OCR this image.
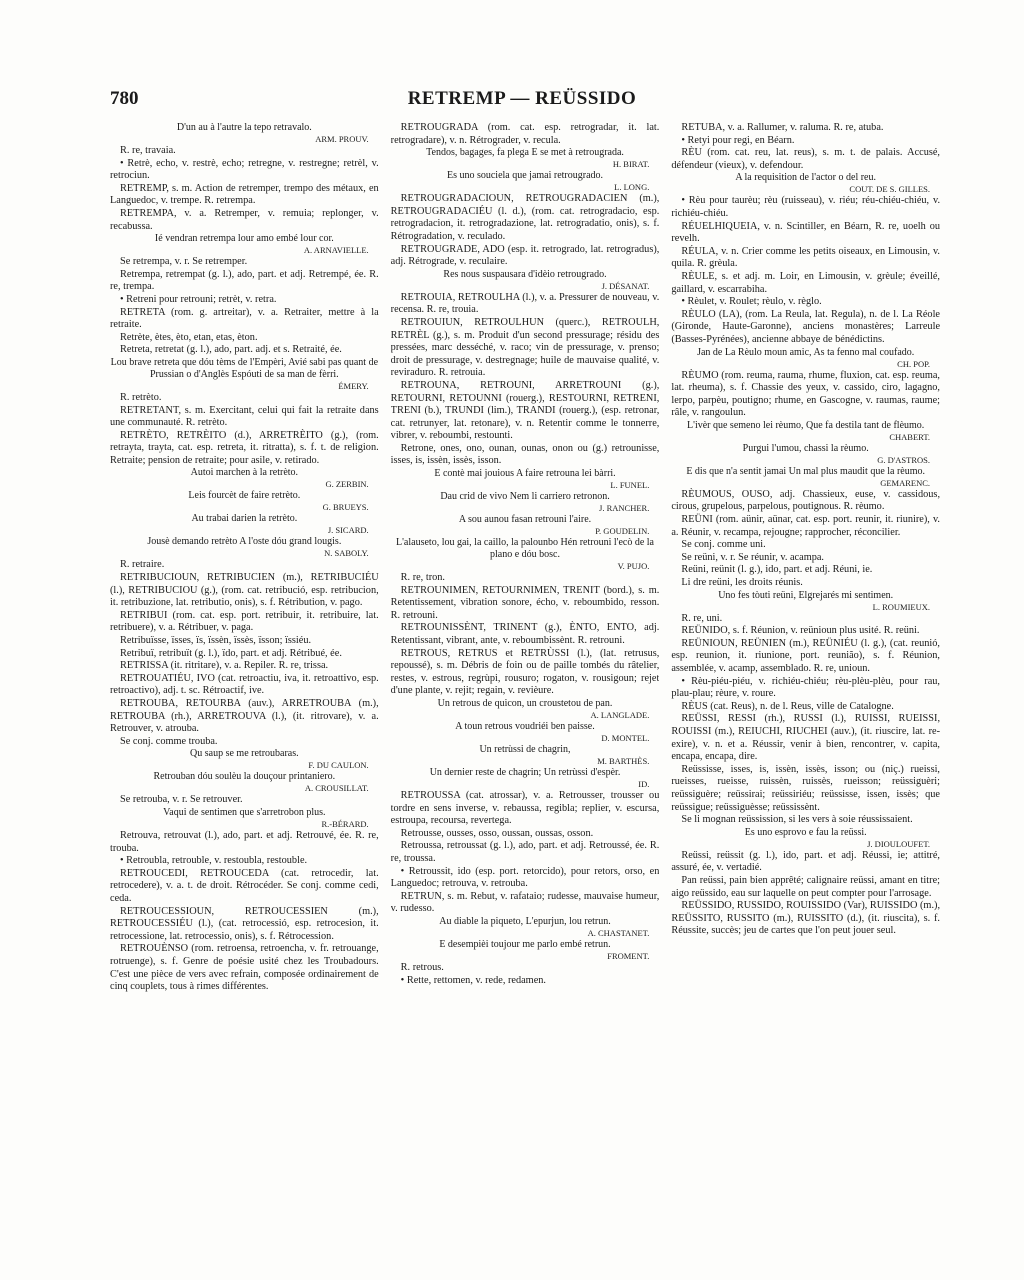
780	RETREMP — REÜSSIDO

D'un au à l'autre la tepo retravalo.

ARM. PROUV.

R. re, travaia.

• Retrè, echo, v. restrè, echo; retregne, v. restregne; retrèl, v. retrociun.

RETREMP, s. m. Action de retremper, trempo des métaux, en Languedoc, v. trempe. R. retrempa.

RETREMPA, v. a. Retremper, v. remuia; replonger, v. recabussa.

Ié vendran retrempa lour amo embé lour cor.

A. ARNAVIELLE.

Se retrempa, v. r. Se retremper.

Retrempa, retrempat (g. l.), ado, part. et adj. Retrempé, ée. R. re, trempa.

• Retreni pour retrouni; retrèt, v. retra.

RETRETA (rom. g. artreitar), v. a. Retraiter, mettre à la retraite.

Retrète, ètes, èto, etan, etas, èton.

Retreta, retretat (g. l.), ado, part. adj. et s. Retraité, ée.

Lou brave retreta que dóu tèms de l'Empèri, Avié sabi pas quant de Prussian o d'Anglès Espóuti de sa man de fèrri.

ÉMERY.

R. retrèto.

RETRETANT, s. m. Exercitant, celui qui fait la retraite dans une communauté. R. retrèto.

RETRÈTO, RETRÈITO (d.), ARRETRÈITO (g.), (rom. retrayta, trayta, cat. esp. retreta, it. ritratta), s. f. t. de religion. Retraite; pension de retraite; pour asile, v. retirado.

Autoi marchen à la retrèto.

G. ZERBIN.

Leis fourcèt de faire retrèto.

G. BRUEYS.

Au trabai darien la retrèto.

J. SICARD.

Jousè demando retrèto A l'oste dóu grand lougis.

N. SABOLY.

R. retraire.

RETRIBUCIOUN, RETRIBUCIEN (m.), RETRIBUCIÉU (l.), RETRIBUCIOU (g.), (rom. cat. retribució, esp. retribucion, it. retribuzione, lat. retributio, onis), s. f. Rétribution, v. pago.

RETRIBUI (rom. cat. esp. port. retribuir, it. retribuire, lat. retribuere), v. a. Rétribuer, v. paga.

Retribuïsse, ïsses, ïs, ïssèn, ïssès, ïsson; ïssiéu.

Retribuï, retribuït (g. l.), ïdo, part. et adj. Rétribué, ée.

RETRISSA (it. ritritare), v. a. Repiler. R. re, trissa.

RETROUATIÉU, IVO (cat. retroactiu, iva, it. retroattivo, esp. retroactivo), adj. t. sc. Rétroactif, ive.

RETROUBA, RETOURBA (auv.), ARRETROUBA (m.), RETROUBA (rh.), ARRETROUVA (l.), (it. ritrovare), v. a. Retrouver, v. atrouba.

Se conj. comme trouba.

Qu saup se me retroubaras.

F. DU CAULON.

Retrouban dóu soulèu la douçour printaniero.

A. CROUSILLAT.

Se retrouba, v. r. Se retrouver.

Vaqui de sentimen que s'arretrobon plus.

R.-BÉRARD.

Retrouva, retrouvat (l.), ado, part. et adj. Retrouvé, ée. R. re, trouba.

• Retroubla, retrouble, v. restoubla, restouble.

RETROUCEDI, RETROUCEDA (cat. retrocedir, lat. retrocedere), v. a. t. de droit. Rétrocéder. Se conj. comme cedi, ceda.

RETROUCESSIOUN, RETROUCESSIEN (m.), RETROUCESSIÉU (l.), (cat. retrocessió, esp. retrocesion, it. retrocessione, lat. retrocessio, onis), s. f. Rétrocession.

RETROUÈNSO (rom. retroensa, retroencha, v. fr. retrouange, rotruenge), s. f. Genre de poésie usité chez les Troubadours. C'est une pièce de vers avec refrain, composée ordinairement de cinq couplets, tous à rimes différentes.

RETROUGRADA (rom. cat. esp. retrogradar, it. lat. retrogradare), v. n. Rétrograder, v. recula.

Tendos, bagages, fa plega E se met à retrougrada.

H. BIRAT.

Es uno souciela que jamai retrougrado.

L. LONG.

RETROUGRADACIOUN, RETROUGRADACIEN (m.), RETROUGRADACIÉU (l. d.), (rom. cat. retrogradacio, esp. retrogradacion, it. retrogradazione, lat. retrogradatio, onis), s. f. Rétrogradation, v. reculado.

RETROUGRADE, ADO (esp. it. retrogrado, lat. retrogradus), adj. Rétrograde, v. reculaire.

Res nous suspausara d'idèio retrougrado.

J. DÉSANAT.

RETROUIA, RETROULHA (l.), v. a. Pressurer de nouveau, v. recensa. R. re, trouia.

RETROUIUN, RETROULHUN (querc.), RETROULH, RETRÈL (g.), s. m. Produit d'un second pressurage; résidu des pressées, marc desséché, v. raco; vin de pressurage, v. prenso; droit de pressurage, v. destregnage; huile de mauvaise qualité, v. reviraduro. R. retrouia.

RETROUNA, RETROUNI, ARRETROUNI (g.), RETOURNI, RETOUNNI (rouerg.), RESTOURNI, RETRENI, TRENI (b.), TRUNDI (lim.), TRANDI (rouerg.), (esp. retronar, cat. retrunyer, lat. retonare), v. n. Retentir comme le tonnerre, vibrer, v. reboumbi, restounti.

Retrone, ones, ono, ounan, ounas, onon ou (g.) retrounisse, isses, is, issèn, issès, isson.

E contè mai jouious A faire retrouna lei bàrri.

L. FUNEL.

Dau crid de vivo Nem li carriero retronon.

J. RANCHER.

A sou aunou fasan retrouni l'aire.

P. GOUDELIN.

L'alauseto, lou gai, la caillo, la palounbo Hén retrouni l'ecò de la plano e dóu bosc.

V. PUJO.

R. re, tron.

RETROUNIMEN, RETOURNIMEN, TRENIT (bord.), s. m. Retentissement, vibration sonore, écho, v. reboumbido, resson. R. retrouni.

RETROUNISSÈNT, TRINENT (g.), ÈNTO, ENTO, adj. Retentissant, vibrant, ante, v. reboumbissènt. R. retrouni.

RETROUS, RETRUS et RETRÙSSI (l.), (lat. retrusus, repoussé), s. m. Débris de foin ou de paille tombés du râtelier, restes, v. estrous, regrùpi, rousuro; rogaton, v. rousigoun; rejet d'une plante, v. rejit; regain, v. revièure.

Un retrous de quicon, un croustetou de pan.

A. LANGLADE.

A toun retrous voudriéi ben paisse.

D. MONTEL.

Un retrùssi de chagrin,

M. BARTHÈS.

Un dernier reste de chagrin; Un retrùssi d'espèr.

ID.

RETROUSSA (cat. atrossar), v. a. Retrousser, trousser ou tordre en sens inverse, v. rebaussa, regibla; replier, v. escursa, estroupa, recoursa, revertega.

Retrousse, ousses, osso, oussan, oussas, osson.

Retroussa, retroussat (g. l.), ado, part. et adj. Retroussé, ée. R. re, troussa.

• Retroussit, ido (esp. port. retorcido), pour retors, orso, en Languedoc; retrouva, v. retrouba.

RETRUN, s. m. Rebut, v. rafataio; rudesse, mauvaise humeur, v. rudesso.

Au diable la piqueto, L'epurjun, lou retrun.

A. CHASTANET.

E desempièi toujour me parlo embé retrun.

FROMENT.

R. retrous.

• Rette, rettomen, v. rede, redamen.

RETUBA, v. a. Rallumer, v. raluma. R. re, atuba.

• Retyi pour regi, en Béarn.

RÈU (rom. cat. reu, lat. reus), s. m. t. de palais. Accusé, défendeur (vieux), v. defendour.

A la requisition de l'actor o del reu.

COUT. DE S. GILLES.

• Rèu pour taurèu; rèu (ruisseau), v. riéu; réu-chiéu-chiéu, v. richiéu-chiéu.

RÉUELHIQUEIA, v. n. Scintiller, en Béarn, R. re, uoelh ou revelh.

RÉULA, v. n. Crier comme les petits oiseaux, en Limousin, v. quila. R. grèula.

RÈULE, s. et adj. m. Loir, en Limousin, v. grèule; éveillé, gaillard, v. escarrabiha.

• Rèulet, v. Roulet; rèulo, v. règlo.

RÈULO (LA), (rom. La Reula, lat. Regula), n. de l. La Réole (Gironde, Haute-Garonne), anciens monastères; Larreule (Basses-Pyrénées), ancienne abbaye de bénédictins.

Jan de La Rèulo moun amic, As ta fenno mal coufado.

CH. POP.

RÈUMO (rom. reuma, rauma, rhume, fluxion, cat. esp. reuma, lat. rheuma), s. f. Chassie des yeux, v. cassido, ciro, lagagno, lerpo, parpèu, poutigno; rhume, en Gascogne, v. raumas, raume; râle, v. rangoulun.

L'ivèr que semeno lei rèumo, Que fa destila tant de flèumo.

CHABERT.

Purgui l'umou, chassi la rèumo.

G. D'ASTROS.

E dis que n'a sentit jamai Un mal plus maudit que la rèumo.

GEMARENC.

RÈUMOUS, OUSO, adj. Chassieux, euse, v. cassidous, cirous, grupelous, parpelous, poutignous. R. rèumo.

REÜNI (rom. aünir, aünar, cat. esp. port. reunir, it. riunire), v. a. Réunir, v. recampa, rejougne; rapprocher, réconcilier.

Se conj. comme uni.

Se reüni, v. r. Se réunir, v. acampa.

Reüni, reünit (l. g.), ido, part. et adj. Réuni, ie.

Li dre reüni, les droits réunis.

Uno fes tòuti reüni, Elgrejarés mi sentimen.

L. ROUMIEUX.

R. re, uni.

REÜNIDO, s. f. Réunion, v. reünioun plus usité. R. reüni.

REÜNIOUN, REÜNIEN (m.), REÜNIÉU (l. g.), (cat. reunió, esp. reunion, it. riunione, port. reunião), s. f. Réunion, assemblée, v. acamp, assemblado. R. re, unioun.

• Rèu-piéu-piéu, v. richiéu-chiéu; rèu-plèu-plèu, pour rau, plau-plau; rèure, v. roure.

RÈUS (cat. Reus), n. de l. Reus, ville de Catalogne.

REÜSSI, RESSI (rh.), RUSSI (l.), RUISSI, RUEISSI, ROUISSI (m.), REIUCHI, RIUCHEI (auv.), (it. riuscire, lat. re-exire), v. n. et a. Réussir, venir à bien, rencontrer, v. capita, encapa, encapa, dire.

Reüssisse, isses, is, issèn, issès, isson; ou (niç.) rueissi, rueisses, rueisse, ruissèn, ruissès, rueisson; reüssiguèri; reüssiguère; reüssirai; reüssiriéu; reüssisse, issen, issès; que reüssigue; reüssiguèsse; reüssissènt.

Se li mognan reüssission, si les vers à soie réussissaient.

Es uno esprovo e fau la reüssi.

J. DIOULOUFET.

Reüssi, reüssit (g. l.), ido, part. et adj. Réussi, ie; attitré, assuré, ée, v. vertadié.

Pan reüssi, pain bien apprêté; calignaire reüssi, amant en titre; aigo reüssido, eau sur laquelle on peut compter pour l'arrosage.

REÜSSIDO, RUSSIDO, ROUISSIDO (Var), RUISSIDO (m.), REÜSSITO, RUSSITO (m.), RUISSITO (d.), (it. riuscita), s. f. Réussite, succès; jeu de cartes que l'on peut jouer seul.
